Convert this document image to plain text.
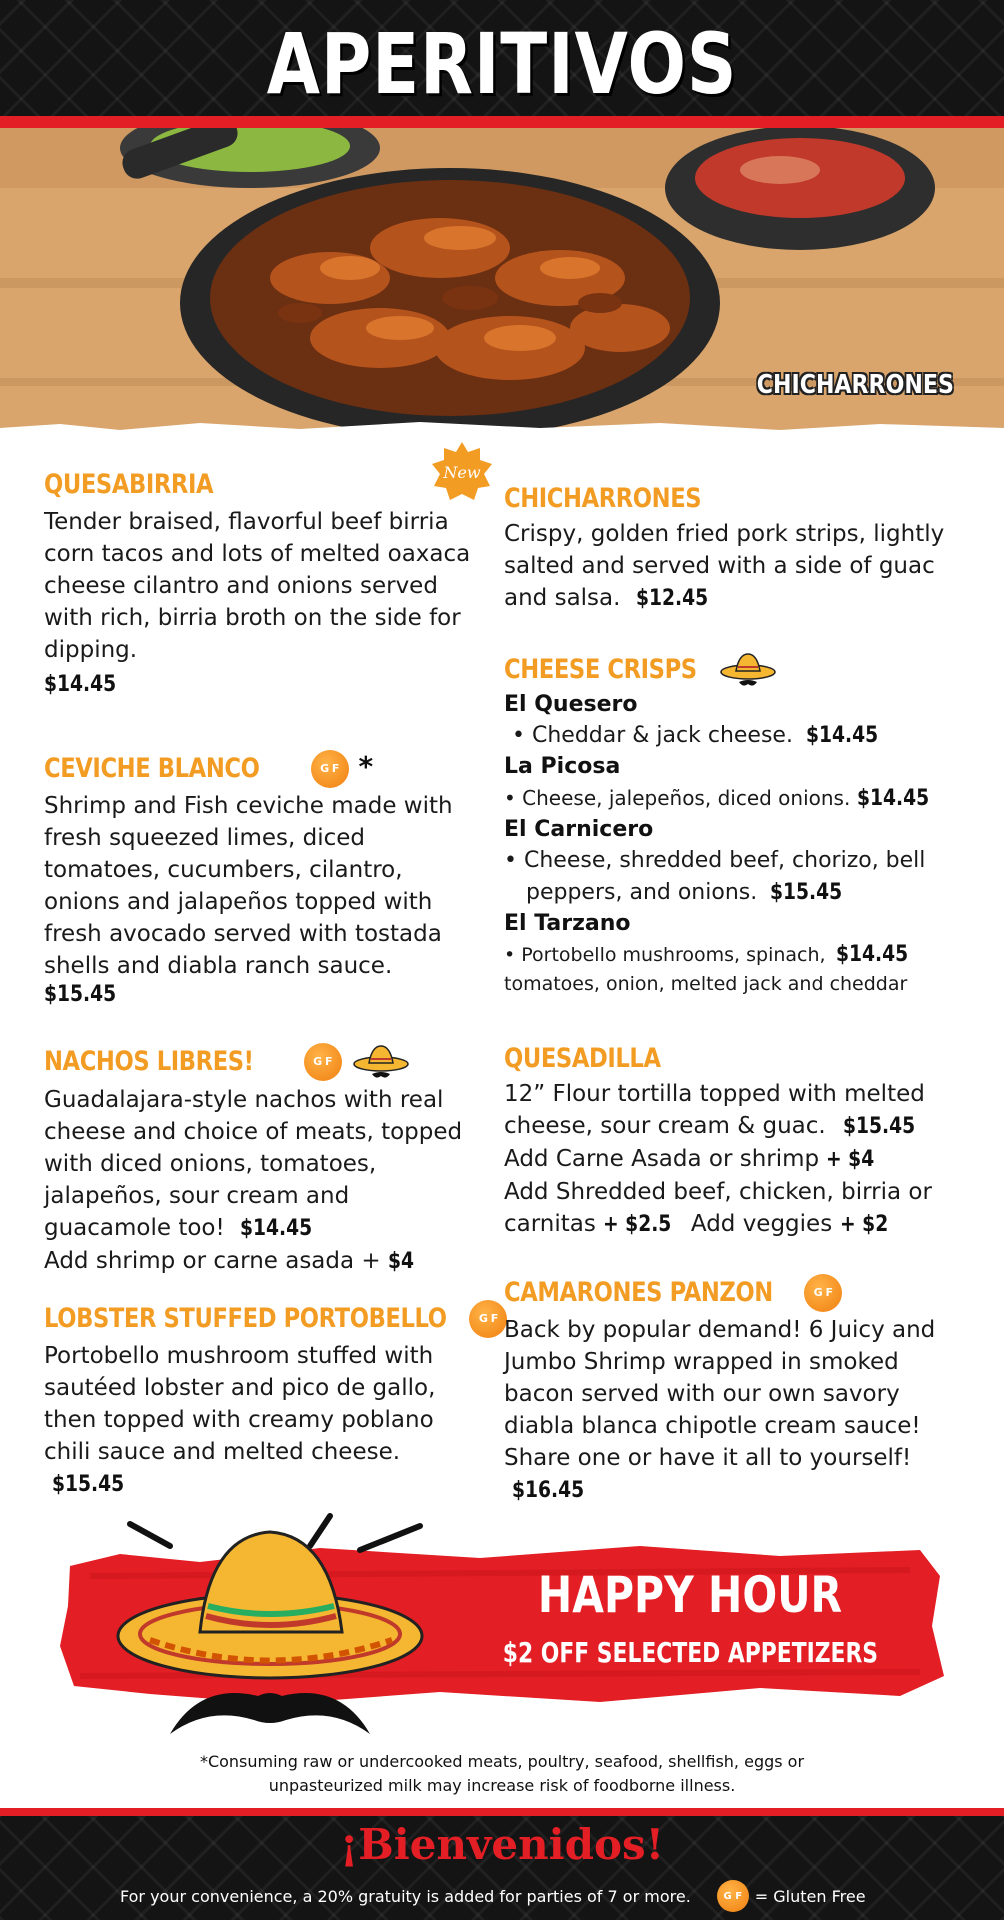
APERITIVOS
CHICHARRONES
New
QUESABIRRIA
Tender braised, flavorful beef birria corn tacos and lots of melted oaxaca cheese cilantro and onions served with rich, birria broth on the side for dipping.
$14.45
CEVICHE BLANCO	G F *
Shrimp and Fish ceviche made with fresh squeezed limes, diced tomatoes, cucumbers, cilantro, onions and jalapeños topped with fresh avocado served with tostada shells and diabla ranch sauce.
$15.45
NACHOS LIBRES!	G F
Guadalajara-style nachos with real cheese and choice of meats, topped with diced onions, tomatoes, jalapeños, sour cream and guacamole too! $14.45
Add shrimp or carne asada + $4
LOBSTER STUFFED PORTOBELLO	G F
Portobello mushroom stuffed with sautéed lobster and pico de gallo, then topped with creamy poblano chili sauce and melted cheese. $15.45
CHICHARRONES
Crispy, golden fried pork strips, lightly salted and served with a side of guac and salsa. $12.45
CHEESE CRISPS
El Quesero
• Cheddar & jack cheese. $14.45
La Picosa
• Cheese, jalepeños, diced onions. $14.45
El Carnicero
• Cheese, shredded beef, chorizo, bell
peppers, and onions. $15.45
El Tarzano
• Portobello mushrooms, spinach, $14.45
tomatoes, onion, melted jack and cheddar
QUESADILLA
12” Flour tortilla topped with melted cheese, sour cream & guac. $15.45
Add Carne Asada or shrimp + $4
Add Shredded beef, chicken, birria or carnitas + $2.5 Add veggies + $2
CAMARONES PANZON	G F
Back by popular demand! 6 Juicy and Jumbo Shrimp wrapped in smoked bacon served with our own savory diabla blanca chipotle cream sauce! Share one or have it all to yourself! $16.45
HAPPY HOUR
$2 OFF SELECTED APPETIZERS
*Consuming raw or undercooked meats, poultry, seafood, shellfish, eggs or
unpasteurized milk may increase risk of foodborne illness.
¡Bienvenidos!
For your convenience, a 20% gratuity is added for parties of 7 or more.	G F = Gluten Free
